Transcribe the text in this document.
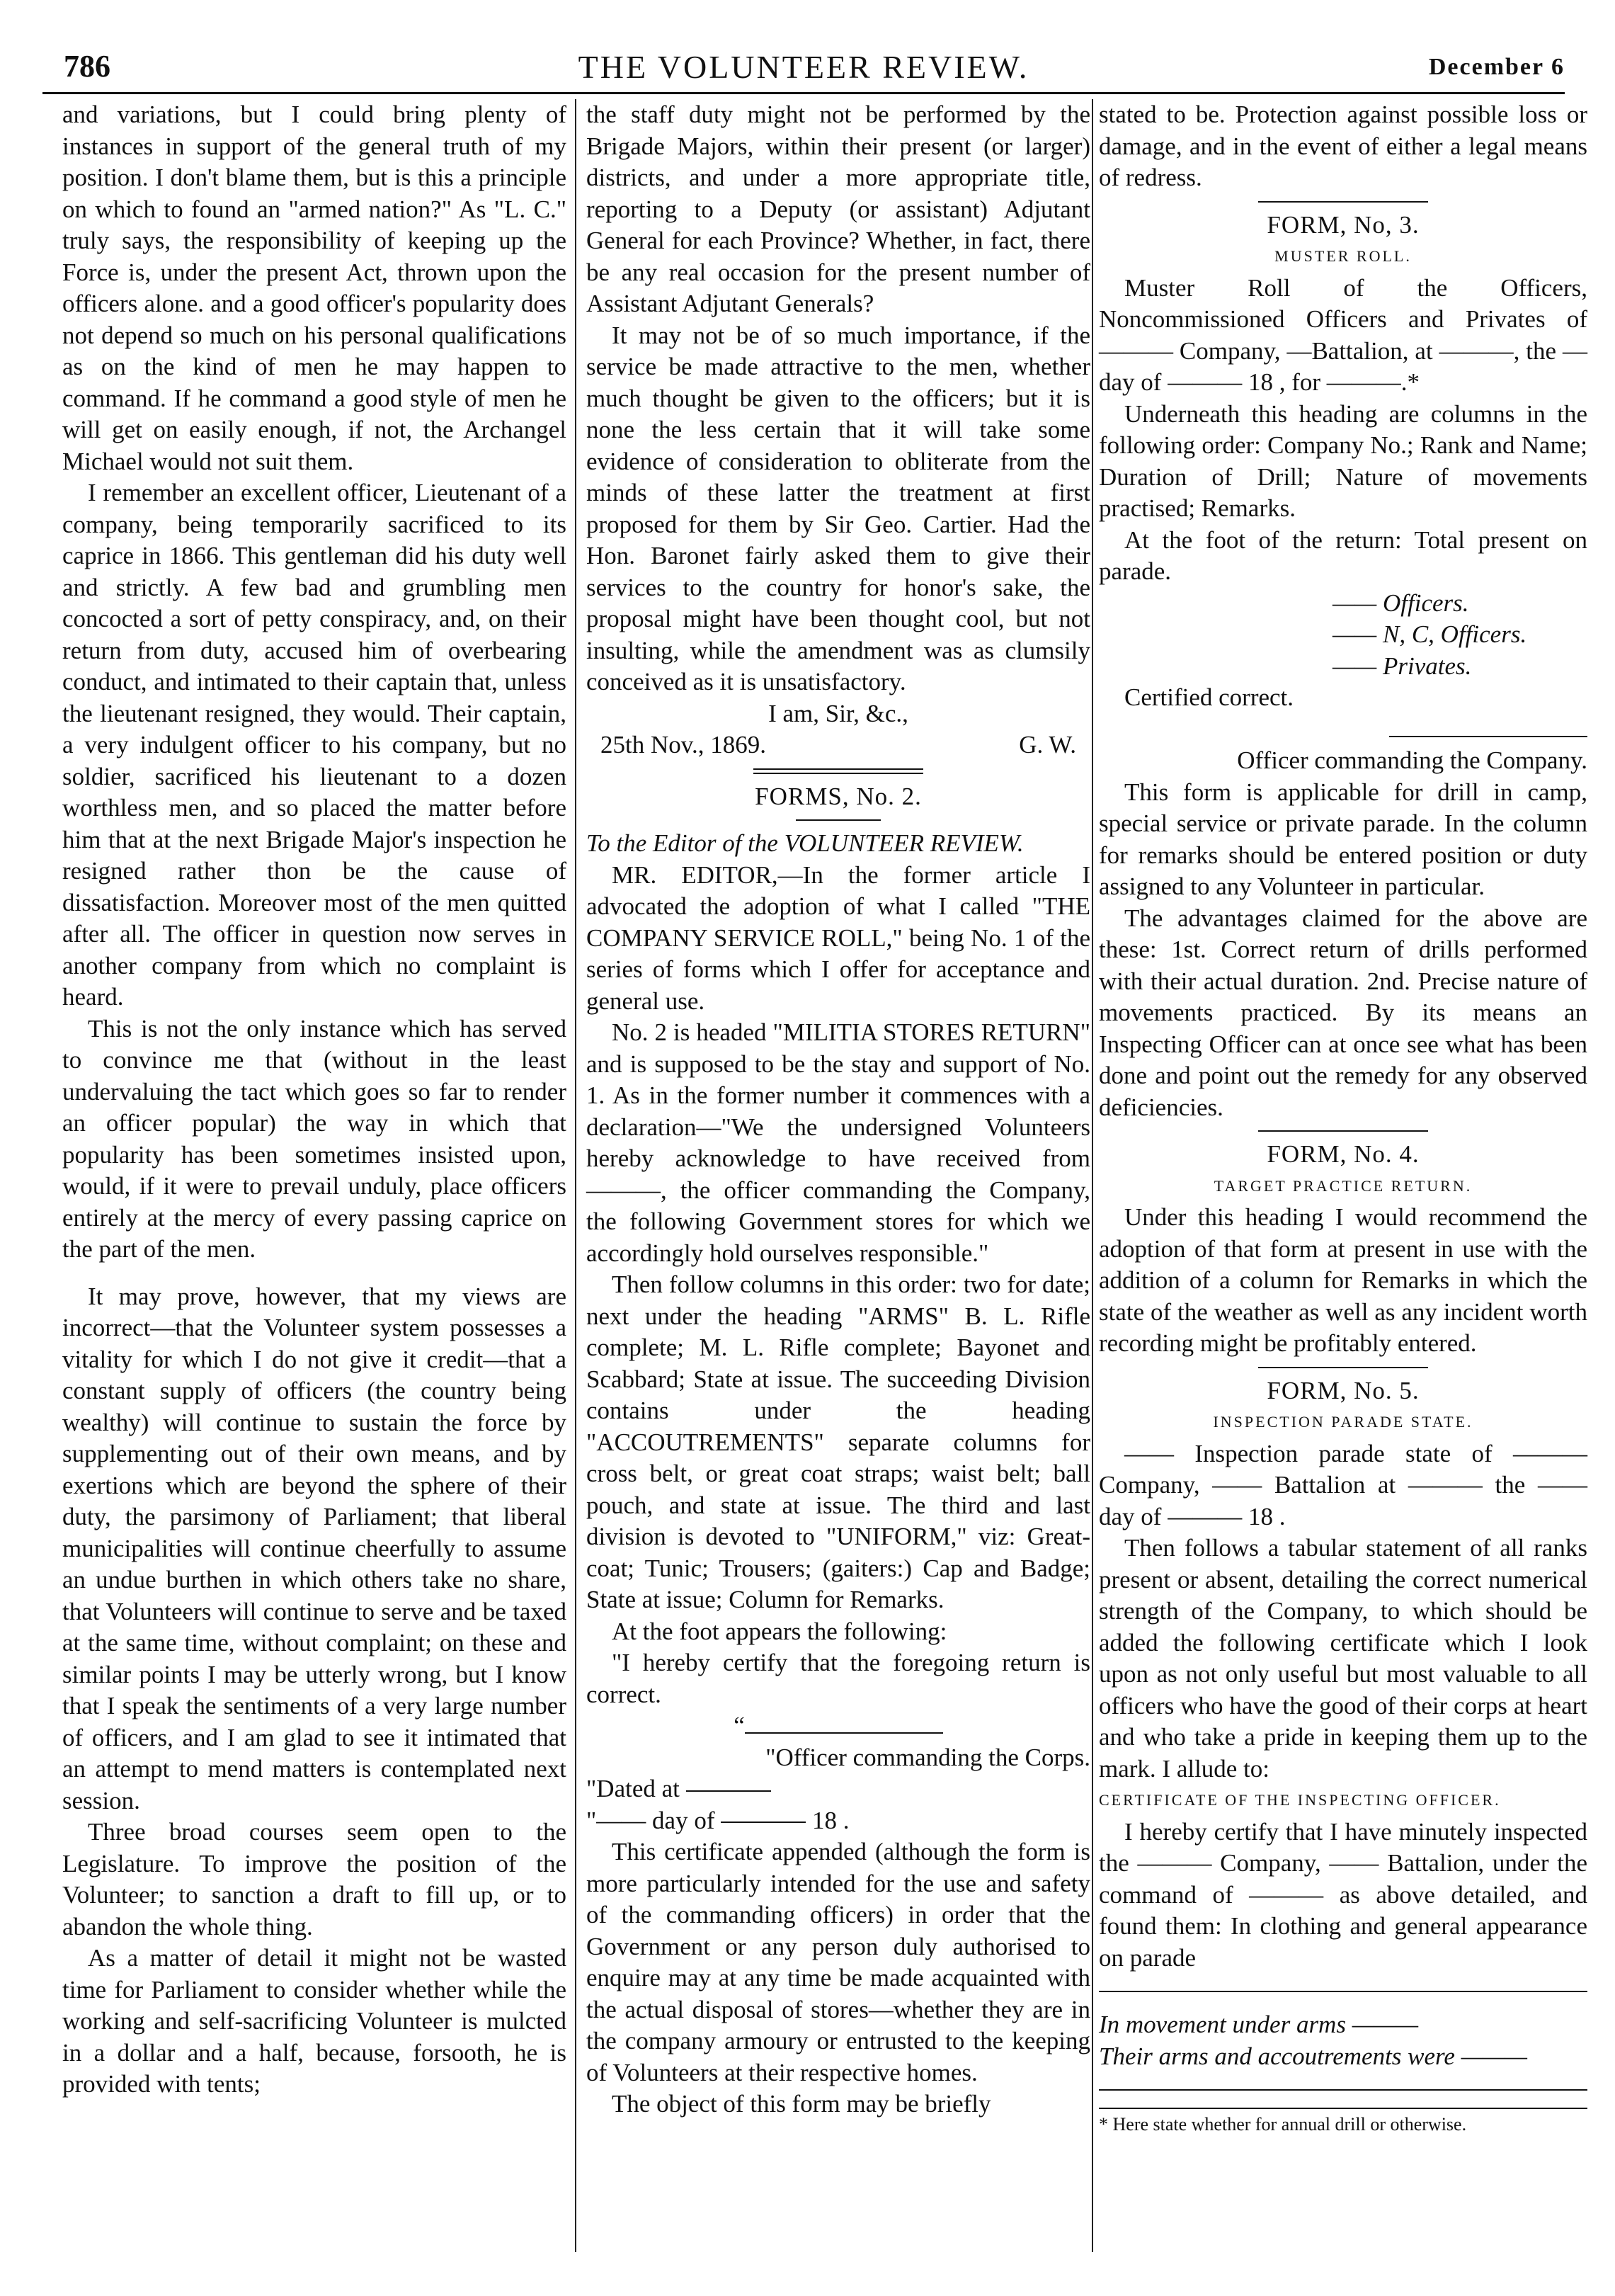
786	THE VOLUNTEER REVIEW.	December 6

and variations, but I could bring plenty of instances in support of the general truth of my position. I don't blame them, but is this a principle on which to found an "armed nation?" As "L. C." truly says, the responsibility of keeping up the Force is, under the present Act, thrown upon the officers alone. and a good officer's popularity does not depend so much on his personal qualifications as on the kind of men he may happen to command. If he command a good style of men he will get on easily enough, if not, the Archangel Michael would not suit them.

I remember an excellent officer, Lieutenant of a company, being temporarily sacrificed to its caprice in 1866. This gentleman did his duty well and strictly. A few bad and grumbling men concocted a sort of petty conspiracy, and, on their return from duty, accused him of overbearing conduct, and intimated to their captain that, unless the lieutenant resigned, they would. Their captain, a very indulgent officer to his company, but no soldier, sacrificed his lieutenant to a dozen worthless men, and so placed the matter before him that at the next Brigade Major's inspection he resigned rather thon be the cause of dissatisfaction. Moreover most of the men quitted after all. The officer in question now serves in another company from which no complaint is heard.

This is not the only instance which has served to convince me that (without in the least undervaluing the tact which goes so far to render an officer popular) the way in which that popularity has been sometimes insisted upon, would, if it were to prevail unduly, place officers entirely at the mercy of every passing caprice on the part of the men.

It may prove, however, that my views are incorrect—that the Volunteer system possesses a vitality for which I do not give it credit—that a constant supply of officers (the country being wealthy) will continue to sustain the force by supplementing out of their own means, and by exertions which are beyond the sphere of their duty, the parsimony of Parliament; that liberal municipalities will continue cheerfully to assume an undue burthen in which others take no share, that Volunteers will continue to serve and be taxed at the same time, without complaint; on these and similar points I may be utterly wrong, but I know that I speak the sentiments of a very large number of officers, and I am glad to see it intimated that an attempt to mend matters is contemplated next session.

Three broad courses seem open to the Legislature. To improve the position of the Volunteer; to sanction a draft to fill up, or to abandon the whole thing.

As a matter of detail it might not be wasted time for Parliament to consider whether while the working and self-sacrificing Volunteer is mulcted in a dollar and a half, because, forsooth, he is provided with tents;

the staff duty might not be performed by the Brigade Majors, within their present (or larger) districts, and under a more appropriate title, reporting to a Deputy (or assistant) Adjutant General for each Province? Whether, in fact, there be any real occasion for the present number of Assistant Adjutant Generals?

It may not be of so much importance, if the service be made attractive to the men, whether much thought be given to the officers; but it is none the less certain that it will take some evidence of consideration to obliterate from the minds of these latter the treatment at first proposed for them by Sir Geo. Cartier. Had the Hon. Baronet fairly asked them to give their services to the country for honor's sake, the proposal might have been thought cool, but not insulting, while the amendment was as clumsily conceived as it is unsatisfactory.

I am, Sir, &c.,

25th Nov., 1869.	G. W.

FORMS, No. 2.

To the Editor of the VOLUNTEER REVIEW.

MR. EDITOR,—In the former article I advocated the adoption of what I called "THE COMPANY SERVICE ROLL," being No. 1 of the series of forms which I offer for acceptance and general use.

No. 2 is headed "MILITIA STORES RETURN" and is supposed to be the stay and support of No. 1. As in the former number it commences with a declaration—"We the undersigned Volunteers hereby acknowledge to have received from ———, the officer commanding the Company, the following Government stores for which we accordingly hold ourselves responsible."

Then follow columns in this order: two for date; next under the heading "ARMS" B. L. Rifle complete; M. L. Rifle complete; Bayonet and Scabbard; State at issue. The succeeding Division contains under the heading "ACCOUTREMENTS" separate columns for cross belt, or great coat straps; waist belt; ball pouch, and state at issue. The third and last division is devoted to "UNIFORM," viz: Great-coat; Tunic; Trousers; (gaiters:) Cap and Badge; State at issue; Column for Remarks.

At the foot appears the following:

"I hereby certify that the foregoing return is correct.

“

"Officer commanding the Corps.

"Dated at

"—— day of	18 .

This certificate appended (although the form is more particularly intended for the use and safety of the commanding officers) in order that the Government or any person duly authorised to enquire may at any time be made acquainted with the actual disposal of stores—whether they are in the company armoury or entrusted to the keeping of Volunteers at their respective homes.

The object of this form may be briefly

stated to be. Protection against possible loss or damage, and in the event of either a legal means of redress.

FORM, No, 3.

MUSTER ROLL.

Muster Roll of the Officers, Noncommissioned Officers and Privates of ——— Company, —Battalion, at ———, the — day of ——— 18 , for ———.*

Underneath this heading are columns in the following order: Company No.; Rank and Name; Duration of Drill; Nature of movements practised; Remarks.

At the foot of the return: Total present on parade.

—— Officers.

—— N, C, Officers.

—— Privates.

Certified correct.

Officer commanding the Company.

This form is applicable for drill in camp, special service or private parade. In the column for remarks should be entered position or duty assigned to any Volunteer in particular.

The advantages claimed for the above are these: 1st. Correct return of drills performed with their actual duration. 2nd. Precise nature of movements practiced. By its means an Inspecting Officer can at once see what has been done and point out the remedy for any observed deficiencies.

FORM, No. 4.

TARGET PRACTICE RETURN.

Under this heading I would recommend the adoption of that form at present in use with the addition of a column for Remarks in which the state of the weather as well as any incident worth recording might be profitably entered.

FORM, No. 5.

INSPECTION PARADE STATE.

—— Inspection parade state of ——— Company, —— Battalion at ——— the —— day of ——— 18 .

Then follows a tabular statement of all ranks present or absent, detailing the correct numerical strength of the Company, to which should be added the following certificate which I look upon as not only useful but most valuable to all officers who have the good of their corps at heart and who take a pride in keeping them up to the mark. I allude to:

CERTIFICATE OF THE INSPECTING OFFICER.

I hereby certify that I have minutely inspected the ——— Company, —— Battalion, under the command of ——— as above detailed, and found them: In clothing and general appearance on parade

In movement under arms ———

Their arms and accoutrements were ———

* Here state whether for annual drill or otherwise.
